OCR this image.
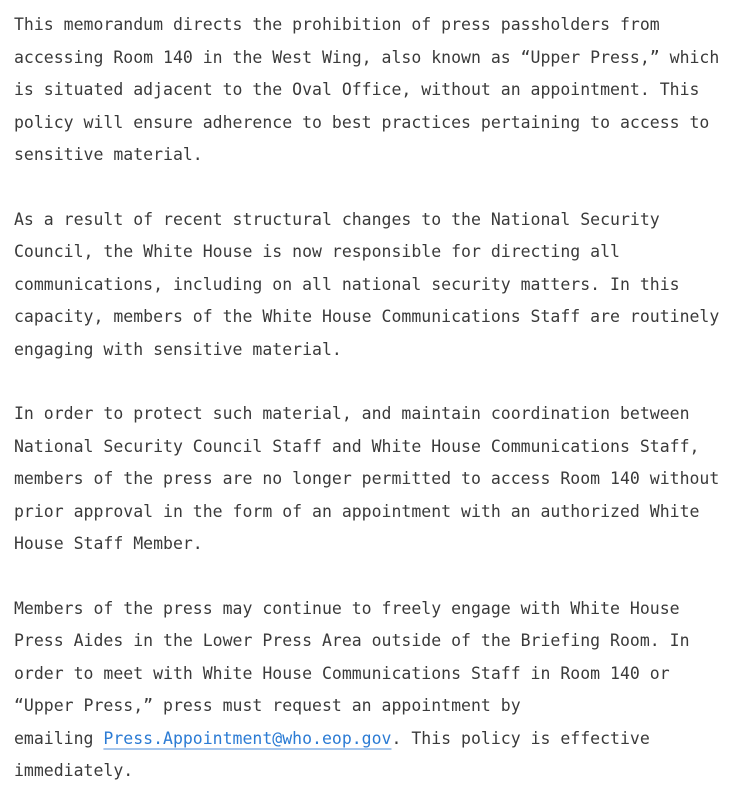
This memorandum directs the prohibition of press passholders from
accessing Room 140 in the West Wing, also known as “Upper Press,” which
is situated adjacent to the Oval Office, without an appointment. This
policy will ensure adherence to best practices pertaining to access to
sensitive material.

As a result of recent structural changes to the National Security
Council, the White House is now responsible for directing all
communications, including on all national security matters. In this
capacity, members of the White House Communications Staff are routinely
engaging with sensitive material.

In order to protect such material, and maintain coordination between
National Security Council Staff and White House Communications Staff,
members of the press are no longer permitted to access Room 140 without
prior approval in the form of an appointment with an authorized White
House Staff Member.

Members of the press may continue to freely engage with White House
Press Aides in the Lower Press Area outside of the Briefing Room. In
order to meet with White House Communications Staff in Room 140 or
“Upper Press,” press must request an appointment by
emailing Press.Appointment@who.eop.gov. This policy is effective
immediately.
